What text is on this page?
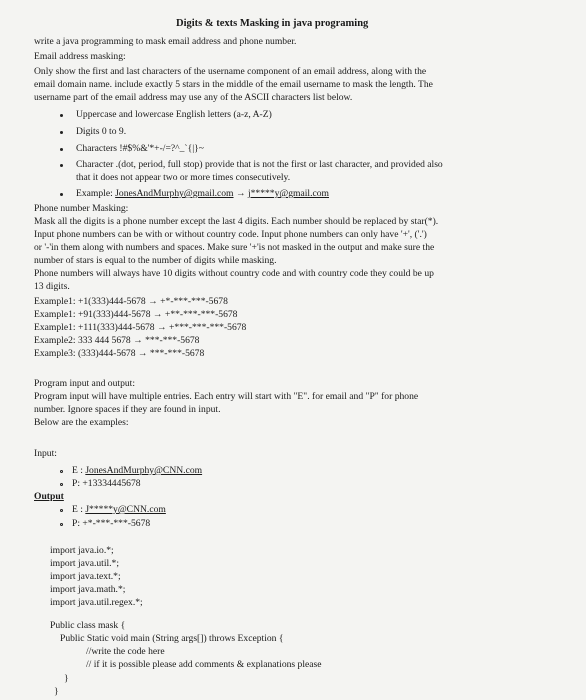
Digits & texts Masking in java programing
write a java programming to mask email address and phone number.
Email address masking:
Only show the first and last characters of the username component of an email address, along with the
email domain name. include exactly 5 stars in the middle of the email username to mask the length. The
username part of the email address may use any of the ASCII characters list below.
Uppercase and lowercase English letters (a-z, A-Z)
Digits 0 to 9.
Characters !#$%&'*+-/=?^_`{|}~
Character .(dot, period, full stop) provide that is not the first or last character, and provided also
that it does not appear two or more times consecutively.
Example: JonesAndMurphy@gmail.com → j*****y@gmail.com
Phone number Masking:
Mask all the digits is a phone number except the last 4 digits. Each number should be replaced by star(*).
Input phone numbers can be with or without country code. Input phone numbers can only have '+', ('.')
or '-'in them along with numbers and spaces. Make sure '+'is not masked in the output and make sure the
number of stars is equal to the number of digits while masking.
Phone numbers will always have 10 digits without country code and with country code they could be up
13 digits.
Example1: +1(333)444-5678 → +*-***-***-5678
Example1: +91(333)444-5678 → +**-***-***-5678
Example1: +111(333)444-5678 → +***-***-***-5678
Example2: 333 444 5678 → ***-***-5678
Example3: (333)444-5678 → ***-***-5678
Program input and output:
Program input will have multiple entries. Each entry will start with "E". for email and "P" for phone
number. Ignore spaces if they are found in input.
Below are the examples:
Input:
E : JonesAndMurphy@CNN.com
P: +13334445678
Output
E : J*****y@CNN.com
P: +*-***-***-5678
import java.io.*;
import java.util.*;
import java.text.*;
import java.math.*;
import java.util.regex.*;
Public class mask {
Public Static void main (String args[]) throws Exception {
//write the code here
// if it is possible please add comments & explanations please
}
}
